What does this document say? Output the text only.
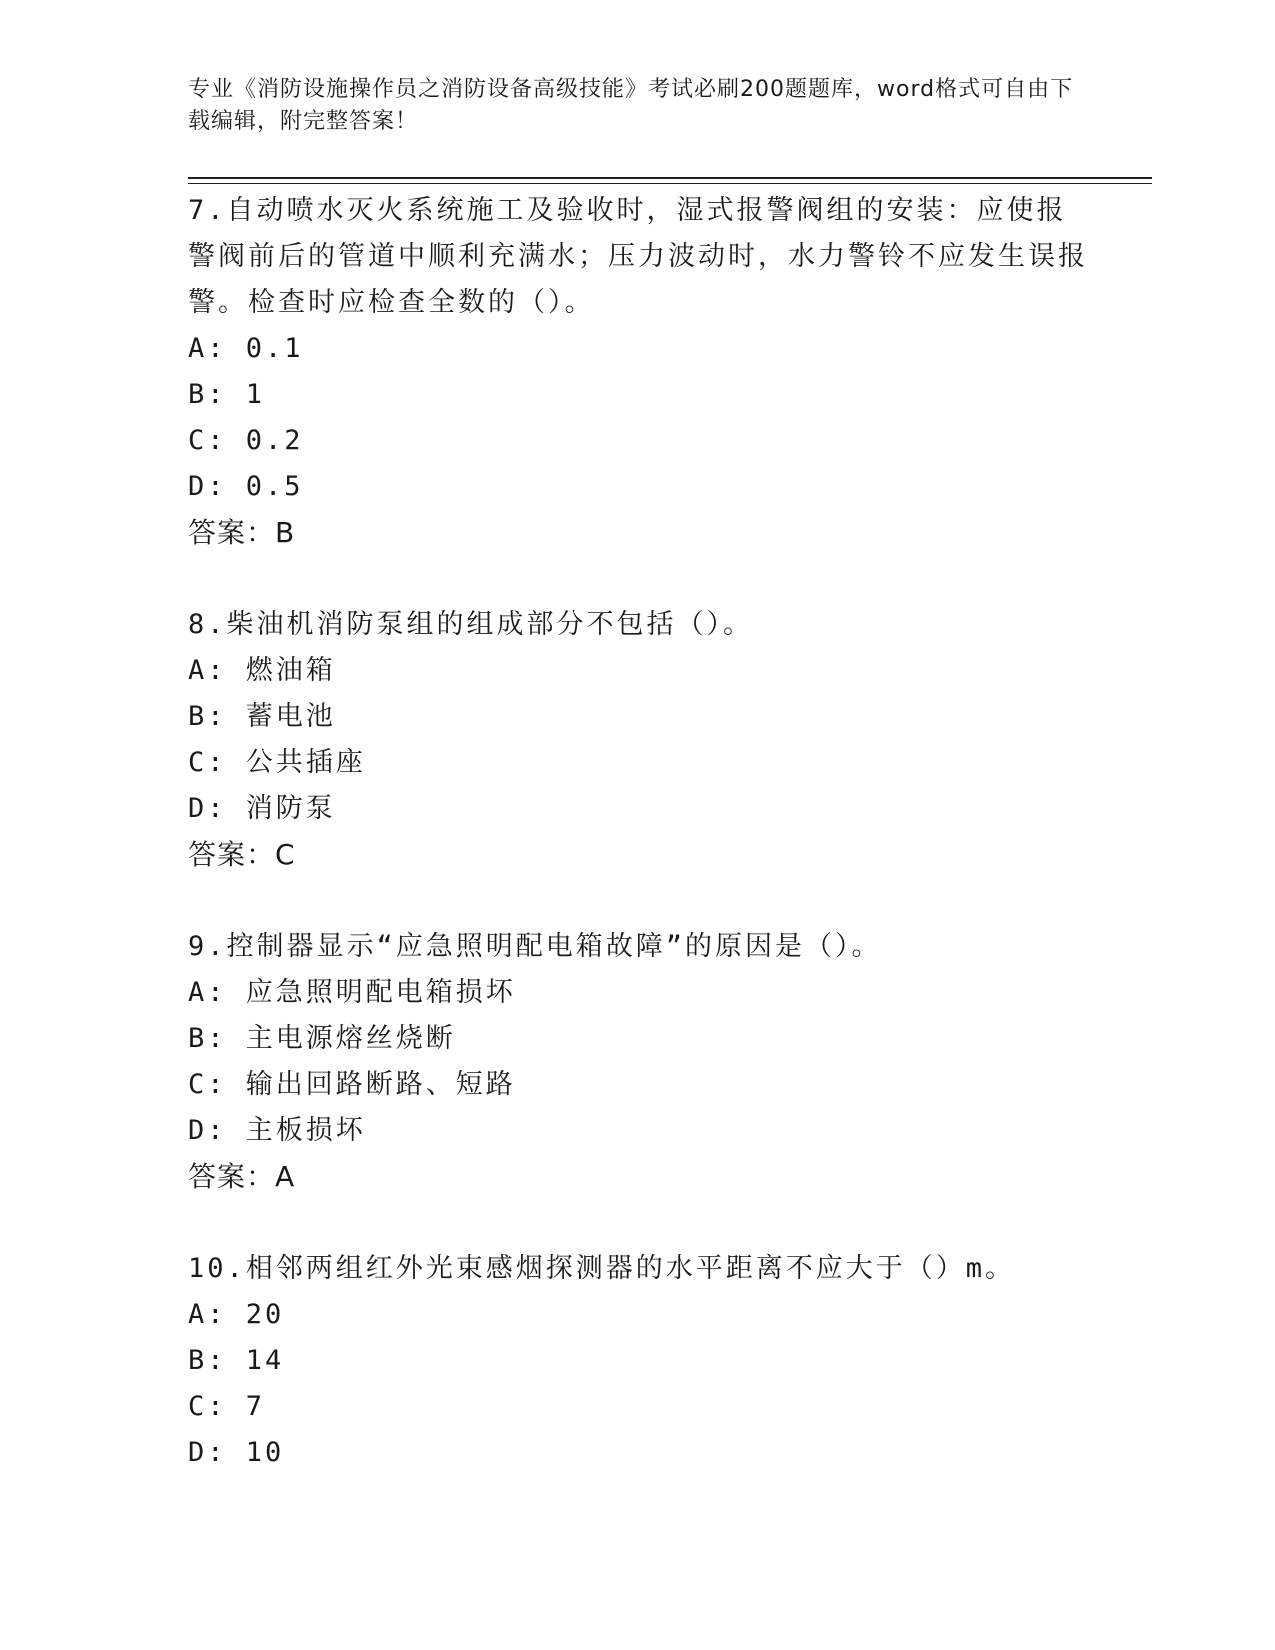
专业《消防设施操作员之消防设备高级技能》考试必刷200题题库，word格式可自由下载编辑，附完整答案！

7.自动喷水灭火系统施工及验收时，湿式报警阀组的安装：应使报警阀前后的管道中顺利充满水；压力波动时，水力警铃不应发生误报警。检查时应检查全数的（）。

A: 0.1

B: 1

C: 0.2

D: 0.5

答案：B

8.柴油机消防泵组的组成部分不包括（）。

A: 燃油箱

B: 蓄电池

C: 公共插座

D: 消防泵

答案：C

9.控制器显示“应急照明配电箱故障”的原因是（）。

A: 应急照明配电箱损坏

B: 主电源熔丝烧断

C: 输出回路断路、短路

D: 主板损坏

答案：A

10.相邻两组红外光束感烟探测器的水平距离不应大于（）m。

A: 20

B: 14

C: 7

D: 10
